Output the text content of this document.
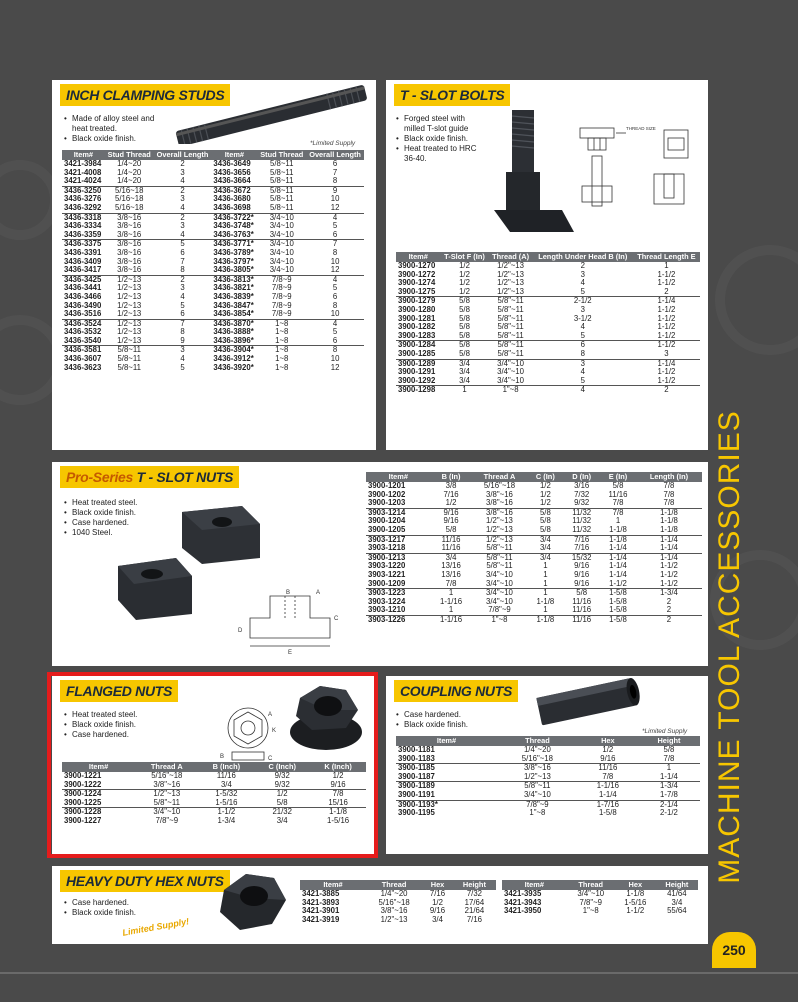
INCH CLAMPING STUDS
• Made of alloy steel and heat treated.
• Black oxide finish.
*Limited Supply
Item#	Stud Thread	Overall Length	Item#	Stud Thread	Overall Length
3421-3984	1/4~20	2	3436-3649	5/8~11	6
3421-4008	1/4~20	3	3436-3656	5/8~11	7
3421-4024	1/4~20	4	3436-3664	5/8~11	8
3436-3250	5/16~18	2	3436-3672	5/8~11	9
3436-3276	5/16~18	3	3436-3680	5/8~11	10
3436-3292	5/16~18	4	3436-3698	5/8~11	12
3436-3318	3/8~16	2	3436-3722*	3/4~10	4
3436-3334	3/8~16	3	3436-3748*	3/4~10	5
3436-3359	3/8~16	4	3436-3763*	3/4~10	6
3436-3375	3/8~16	5	3436-3771*	3/4~10	7
3436-3391	3/8~16	6	3436-3789*	3/4~10	8
3436-3409	3/8~16	7	3436-3797*	3/4~10	10
3436-3417	3/8~16	8	3436-3805*	3/4~10	12
3436-3425	1/2~13	2	3436-3813*	7/8~9	4
3436-3441	1/2~13	3	3436-3821*	7/8~9	5
3436-3466	1/2~13	4	3436-3839*	7/8~9	6
3436-3490	1/2~13	5	3436-3847*	7/8~9	8
3436-3516	1/2~13	6	3436-3854*	7/8~9	10
3436-3524	1/2~13	7	3436-3870*	1~8	4
3436-3532	1/2~13	8	3436-3888*	1~8	5
3436-3540	1/2~13	9	3436-3896*	1~8	6
3436-3581	5/8~11	3	3436-3904*	1~8	8
3436-3607	5/8~11	4	3436-3912*	1~8	10
3436-3623	5/8~11	5	3436-3920*	1~8	12
T - SLOT BOLTS
• Forged steel with milled T-slot guide
• Black oxide finish.
• Heat treated to HRC 36-40.
THREAD SIZE
Item#	T-Slot F (In)	Thread (A)	Length Under Head B (In)	Thread Length E
3900-1270	1/2	1/2"~13	2	1
3900-1272	1/2	1/2"~13	3	1-1/2
3900-1274	1/2	1/2"~13	4	1-1/2
3900-1275	1/2	1/2"~13	5	2
3900-1279	5/8	5/8"~11	2-1/2	1-1/4
3900-1280	5/8	5/8"~11	3	1-1/2
3900-1281	5/8	5/8"~11	3-1/2	1-1/2
3900-1282	5/8	5/8"~11	4	1-1/2
3900-1283	5/8	5/8"~11	5	1-1/2
3900-1284	5/8	5/8"~11	6	1-1/2
3900-1285	5/8	5/8"~11	8	3
3900-1289	3/4	3/4"~10	3	1-1/4
3900-1291	3/4	3/4"~10	4	1-1/2
3900-1292	3/4	3/4"~10	5	1-1/2
3900-1298	1	1"~8	4	2
Pro-Series T - SLOT NUTS
• Heat treated steel.
• Black oxide finish.
• Case hardened.
• 1040 Steel.
E
B	A
C
D
Item#	B (In)	Thread A	C (In)	D (In)	E (In)	Length (In)
3900-1201	3/8	5/16"~18	1/2	3/16	5/8	7/8
3900-1202	7/16	3/8"~16	1/2	7/32	11/16	7/8
3900-1203	1/2	3/8"~16	1/2	9/32	7/8	7/8
3903-1214	9/16	3/8"~16	5/8	11/32	7/8	1-1/8
3900-1204	9/16	1/2"~13	5/8	11/32	1	1-1/8
3900-1205	5/8	1/2"~13	5/8	11/32	1-1/8	1-1/8
3903-1217	11/16	1/2"~13	3/4	7/16	1-1/8	1-1/4
3903-1218	11/16	5/8"~11	3/4	7/16	1-1/4	1-1/4
3900-1213	3/4	5/8"~11	3/4	15/32	1-1/4	1-1/4
3903-1220	13/16	5/8"~11	1	9/16	1-1/4	1-1/2
3903-1221	13/16	3/4"~10	1	9/16	1-1/4	1-1/2
3900-1209	7/8	3/4"~10	1	9/16	1-1/2	1-1/2
3903-1223	1	3/4"~10	1	5/8	1-5/8	1-3/4
3903-1224	1-1/16	3/4"~10	1-1/8	11/16	1-5/8	2
3903-1210	1	7/8"~9	1	11/16	1-5/8	2
3903-1226	1-1/16	1"~8	1-1/8	11/16	1-5/8	2
FLANGED NUTS
• Heat treated steel.
• Black oxide finish.
• Case hardened.
A
K
B	C
Item#	Thread A	B (Inch)	C (Inch)	K (Inch)
3900-1221	5/16"~18	11/16	9/32	1/2
3900-1222	3/8"~16	3/4	9/32	9/16
3900-1224	1/2"~13	1-5/32	1/2	7/8
3900-1225	5/8"~11	1-5/16	5/8	15/16
3900-1228	3/4"~10	1-1/2	21/32	1-1/8
3900-1227	7/8"~9	1-3/4	3/4	1-5/16
COUPLING NUTS
• Case hardened.
• Black oxide finish.
*Limited Supply
Item#	Thread	Hex	Height
3900-1181	1/4"~20	1/2	5/8
3900-1183	5/16"~18	9/16	7/8
3900-1185	3/8"~16	11/16	1
3900-1187	1/2"~13	7/8	1-1/4
3900-1189	5/8"~11	1-1/16	1-3/4
3900-1191	3/4"~10	1-1/4	1-7/8
3900-1193*	7/8"~9	1-7/16	2-1/4
3900-1195	1"~8	1-5/8	2-1/2
HEAVY DUTY HEX NUTS
• Case hardened.
• Black oxide finish.
Limited Supply!
Item#	Thread	Hex	Height
3421-3885	1/4"~20	7/16	7/32
3421-3893	5/16"~18	1/2	17/64
3421-3901	3/8"~16	9/16	21/64
3421-3919	1/2"~13	3/4	7/16
Item#	Thread	Hex	Height
3421-3935	3/4"~10	1-1/8	41/64
3421-3943	7/8"~9	1-5/16	3/4
3421-3950	1"~8	1-1/2	55/64
MACHINE TOOL ACCESSORIES
250
